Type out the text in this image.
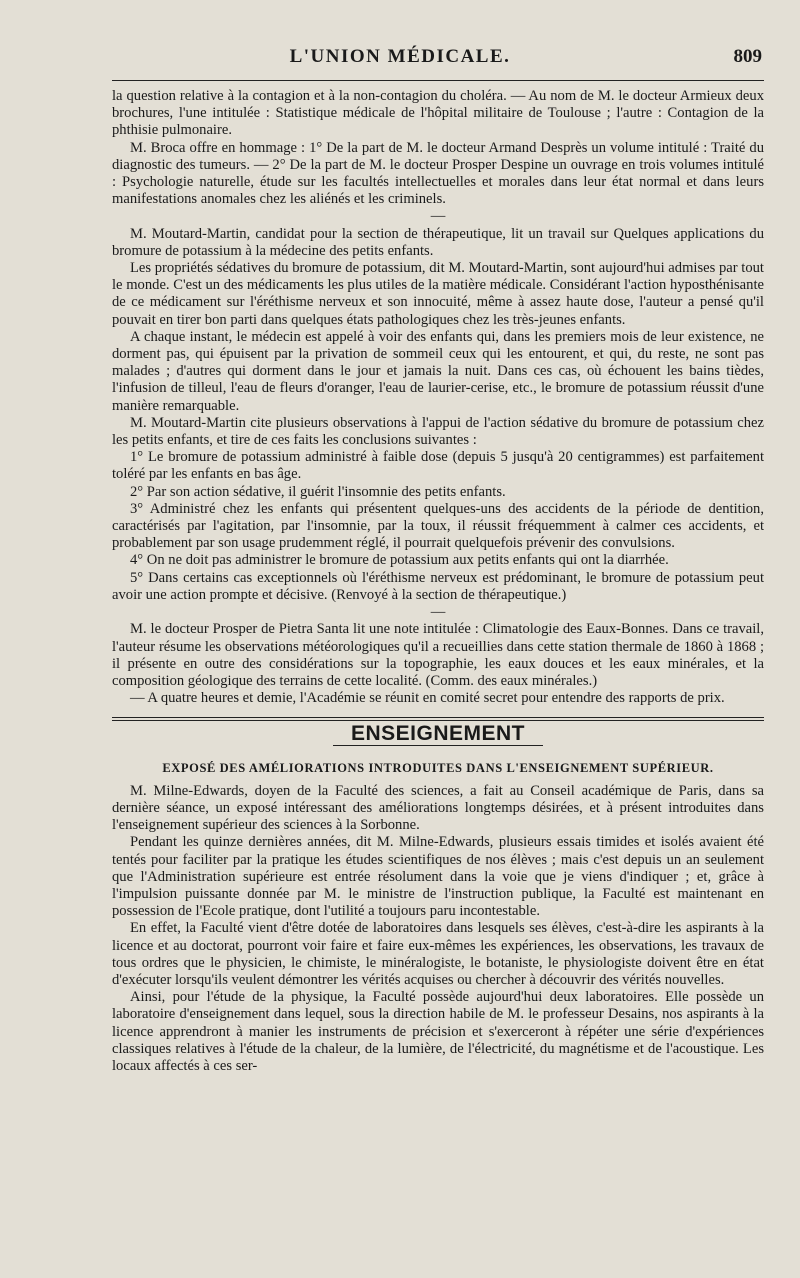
L'UNION MÉDICALE.	809

la question relative à la contagion et à la non-contagion du choléra. — Au nom de M. le docteur Armieux deux brochures, l'une intitulée : Statistique médicale de l'hôpital militaire de Toulouse ; l'autre : Contagion de la phthisie pulmonaire.

M. Broca offre en hommage : 1° De la part de M. le docteur Armand Desprès un volume intitulé : Traité du diagnostic des tumeurs. — 2° De la part de M. le docteur Prosper Despine un ouvrage en trois volumes intitulé : Psychologie naturelle, étude sur les facultés intellectuelles et morales dans leur état normal et dans leurs manifestations anomales chez les aliénés et les criminels.

—

M. Moutard-Martin, candidat pour la section de thérapeutique, lit un travail sur Quelques applications du bromure de potassium à la médecine des petits enfants.

Les propriétés sédatives du bromure de potassium, dit M. Moutard-Martin, sont aujourd'hui admises par tout le monde. C'est un des médicaments les plus utiles de la matière médicale. Considérant l'action hyposthénisante de ce médicament sur l'éréthisme nerveux et son innocuité, même à assez haute dose, l'auteur a pensé qu'il pouvait en tirer bon parti dans quelques états pathologiques chez les très-jeunes enfants.

A chaque instant, le médecin est appelé à voir des enfants qui, dans les premiers mois de leur existence, ne dorment pas, qui épuisent par la privation de sommeil ceux qui les entourent, et qui, du reste, ne sont pas malades ; d'autres qui dorment dans le jour et jamais la nuit. Dans ces cas, où échouent les bains tièdes, l'infusion de tilleul, l'eau de fleurs d'oranger, l'eau de laurier-cerise, etc., le bromure de potassium réussit d'une manière remarquable.

M. Moutard-Martin cite plusieurs observations à l'appui de l'action sédative du bromure de potassium chez les petits enfants, et tire de ces faits les conclusions suivantes :

1° Le bromure de potassium administré à faible dose (depuis 5 jusqu'à 20 centigrammes) est parfaitement toléré par les enfants en bas âge.

2° Par son action sédative, il guérit l'insomnie des petits enfants.

3° Administré chez les enfants qui présentent quelques-uns des accidents de la période de dentition, caractérisés par l'agitation, par l'insomnie, par la toux, il réussit fréquemment à calmer ces accidents, et probablement par son usage prudemment réglé, il pourrait quelquefois prévenir des convulsions.

4° On ne doit pas administrer le bromure de potassium aux petits enfants qui ont la diarrhée.

5° Dans certains cas exceptionnels où l'éréthisme nerveux est prédominant, le bromure de potassium peut avoir une action prompte et décisive. (Renvoyé à la section de thérapeutique.)

—

M. le docteur Prosper de Pietra Santa lit une note intitulée : Climatologie des Eaux-Bonnes. Dans ce travail, l'auteur résume les observations météorologiques qu'il a recueillies dans cette station thermale de 1860 à 1868 ; il présente en outre des considérations sur la topographie, les eaux douces et les eaux minérales, et la composition géologique des terrains de cette localité. (Comm. des eaux minérales.)

— A quatre heures et demie, l'Académie se réunit en comité secret pour entendre des rapports de prix.

ENSEIGNEMENT
EXPOSÉ DES AMÉLIORATIONS INTRODUITES DANS L'ENSEIGNEMENT SUPÉRIEUR.

M. Milne-Edwards, doyen de la Faculté des sciences, a fait au Conseil académique de Paris, dans sa dernière séance, un exposé intéressant des améliorations longtemps désirées, et à présent introduites dans l'enseignement supérieur des sciences à la Sorbonne.

Pendant les quinze dernières années, dit M. Milne-Edwards, plusieurs essais timides et isolés avaient été tentés pour faciliter par la pratique les études scientifiques de nos élèves ; mais c'est depuis un an seulement que l'Administration supérieure est entrée résolument dans la voie que je viens d'indiquer ; et, grâce à l'impulsion puissante donnée par M. le ministre de l'instruction publique, la Faculté est maintenant en possession de l'Ecole pratique, dont l'utilité a toujours paru incontestable.

En effet, la Faculté vient d'être dotée de laboratoires dans lesquels ses élèves, c'est-à-dire les aspirants à la licence et au doctorat, pourront voir faire et faire eux-mêmes les expériences, les observations, les travaux de tous ordres que le physicien, le chimiste, le minéralogiste, le botaniste, le physiologiste doivent être en état d'exécuter lorsqu'ils veulent démontrer les vérités acquises ou chercher à découvrir des vérités nouvelles.

Ainsi, pour l'étude de la physique, la Faculté possède aujourd'hui deux laboratoires. Elle possède un laboratoire d'enseignement dans lequel, sous la direction habile de M. le professeur Desains, nos aspirants à la licence apprendront à manier les instruments de précision et s'exerceront à répéter une série d'expériences classiques relatives à l'étude de la chaleur, de la lumière, de l'électricité, du magnétisme et de l'acoustique. Les locaux affectés à ces ser-
